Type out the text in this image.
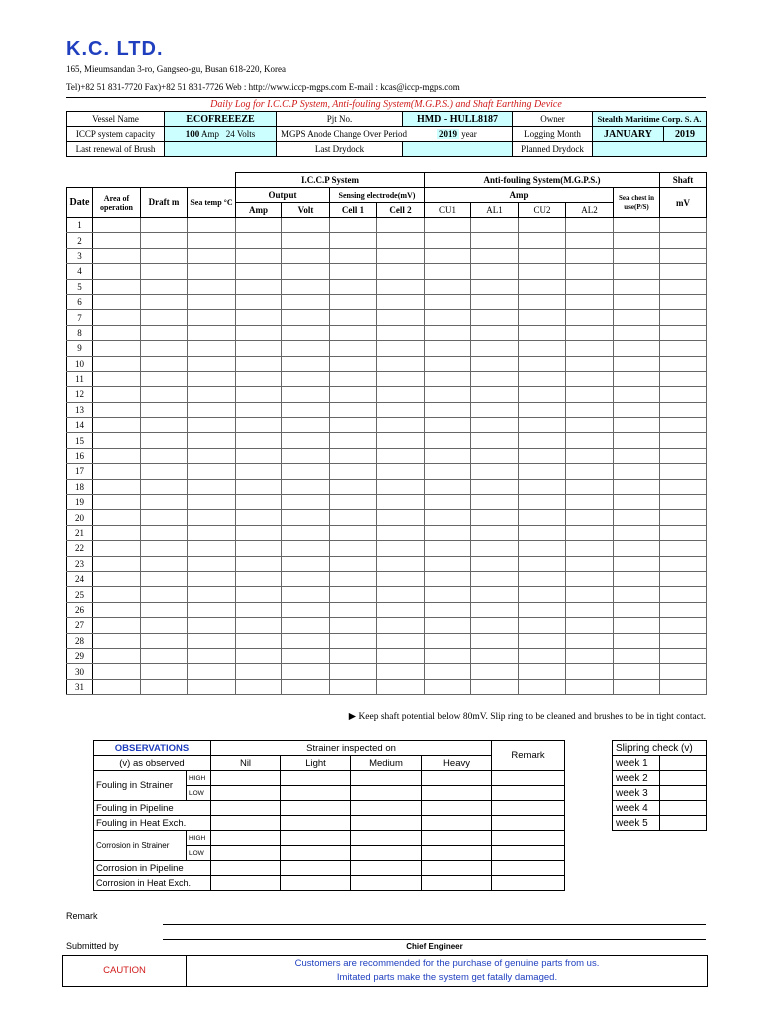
K.C. LTD.
165, Mieumsandan 3-ro, Gangseo-gu, Busan 618-220, Korea
Tel)+82 51 831-7720 Fax)+82 51 831-7726 Web : http://www.iccp-mgps.com E-mail : kcas@iccp-mgps.com
Daily Log for I.C.C.P System, Anti-fouling System(M.G.P.S.) and Shaft Earthing Device
Vessel Name	ECOFREEEZE	Pjt No.	HMD - HULL8187	Owner	Stealth Maritime Corp. S. A.	
ICCP system capacity	100 Amp 24 Volts	MGPS Anode Change Over Period 2019 year		Logging Month	JANUARY	2019
Last renewal of Brush		Last Drydock		Planned Drydock		
				I.C.C.P System				Anti-fouling System(M.G.P.S.)					Shaft
Date	Area of operation	Draft m	Sea temp °C	Output		Sensing electrode(mV)		Amp				Sea chest in use(P/S)	mV
				Amp	Volt	Cell 1	Cell 2	CU1	AL1	CU2	AL2		
1													
2													
3													
4													
5													
6													
7													
8													
9													
10													
11													
12													
13													
14													
15													
16													
17													
18													
19													
20													
21													
22													
23													
24													
25													
26													
27													
28													
29													
30													
31													
▶ Keep shaft potential below 80mV. Slip ring to be cleaned and brushes to be in tight contact.
OBSERVATIONS		Strainer inspected on				Remark
(v) as observed		Nil	Light	Medium	Heavy	
Fouling in Strainer	HIGH					
	LOW					
Fouling in Pipeline						
Fouling in Heat Exch.						
Corrosion in Strainer	HIGH					
	LOW					
Corrosion in Pipeline						
Corrosion in Heat Exch.						
Slipring check (v)	
week 1	
week 2	
week 3	
week 4	
week 5	
Remark
Submitted by	Chief Engineer
CAUTION
Customers are recommended for the purchase of genuine parts from us.
Imitated parts make the system get fatally damaged.
